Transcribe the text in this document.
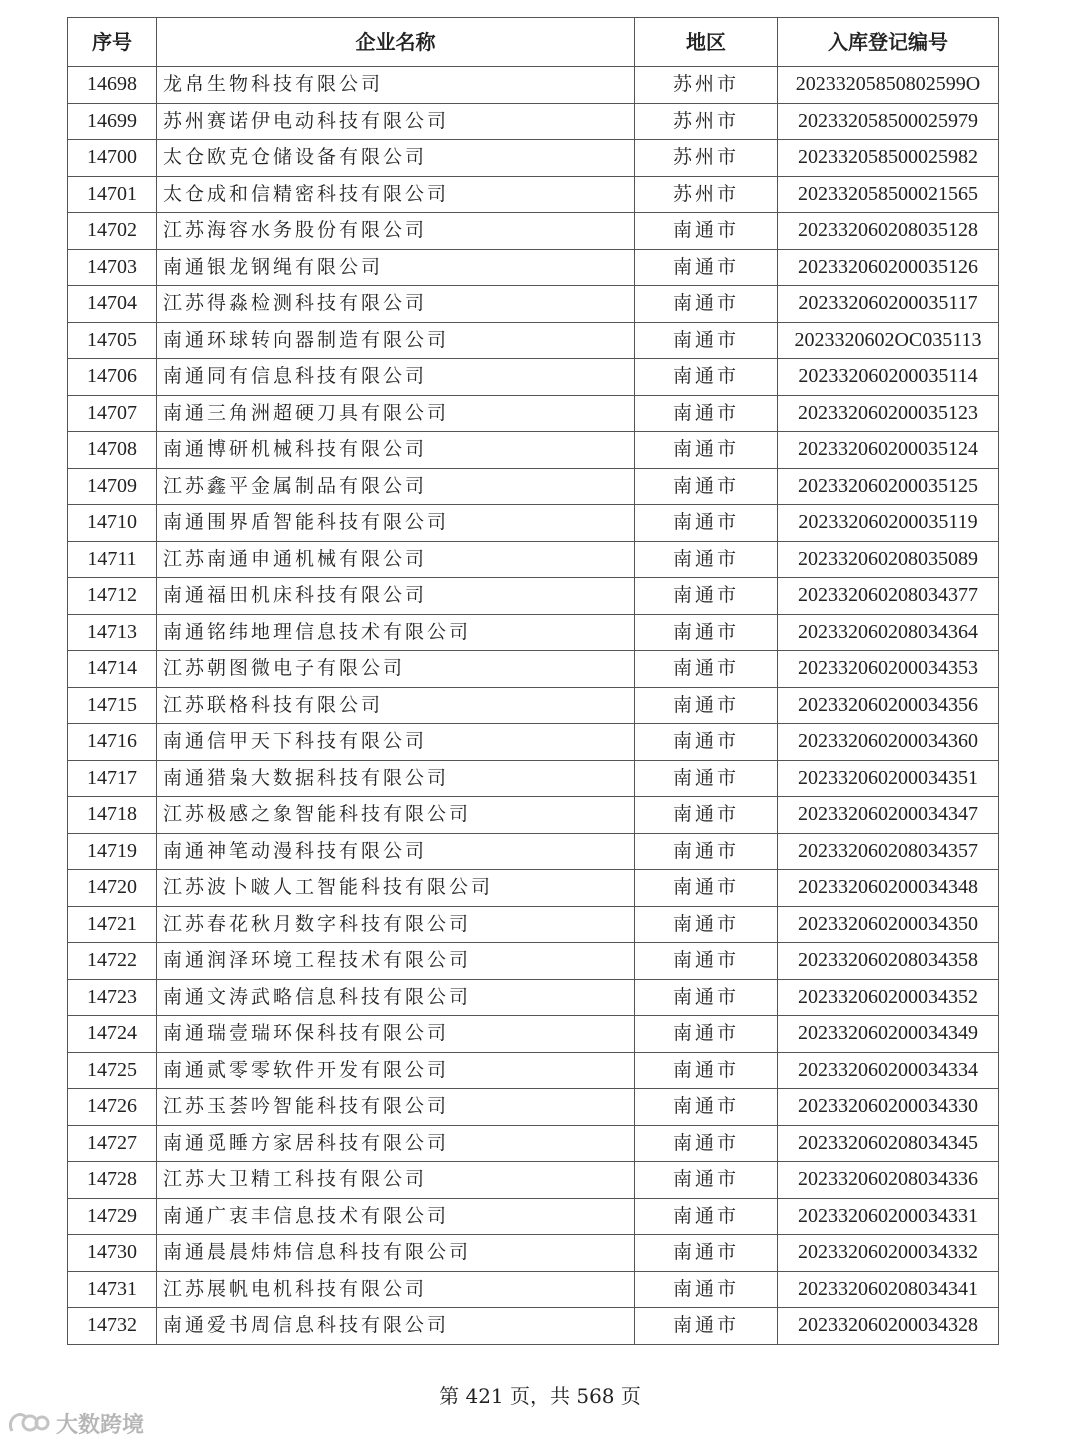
序号	企业名称	地区	入库登记编号
14698	龙帛生物科技有限公司	苏州市	20233205850802599O
14699	苏州赛诺伊电动科技有限公司	苏州市	202332058500025979
14700	太仓欧克仓储设备有限公司	苏州市	202332058500025982
14701	太仓成和信精密科技有限公司	苏州市	202332058500021565
14702	江苏海容水务股份有限公司	南通市	202332060208035128
14703	南通银龙钢绳有限公司	南通市	202332060200035126
14704	江苏得淼检测科技有限公司	南通市	202332060200035117
14705	南通环球转向器制造有限公司	南通市	2023320602OC035113
14706	南通同有信息科技有限公司	南通市	202332060200035114
14707	南通三角洲超硬刀具有限公司	南通市	202332060200035123
14708	南通博研机械科技有限公司	南通市	202332060200035124
14709	江苏鑫平金属制品有限公司	南通市	202332060200035125
14710	南通围界盾智能科技有限公司	南通市	202332060200035119
14711	江苏南通申通机械有限公司	南通市	202332060208035089
14712	南通福田机床科技有限公司	南通市	202332060208034377
14713	南通铭纬地理信息技术有限公司	南通市	202332060208034364
14714	江苏朝图微电子有限公司	南通市	202332060200034353
14715	江苏联格科技有限公司	南通市	202332060200034356
14716	南通信甲天下科技有限公司	南通市	202332060200034360
14717	南通猎枭大数据科技有限公司	南通市	202332060200034351
14718	江苏极感之象智能科技有限公司	南通市	202332060200034347
14719	南通神笔动漫科技有限公司	南通市	202332060208034357
14720	江苏波卜啵人工智能科技有限公司	南通市	202332060200034348
14721	江苏春花秋月数字科技有限公司	南通市	202332060200034350
14722	南通润泽环境工程技术有限公司	南通市	202332060208034358
14723	南通文涛武略信息科技有限公司	南通市	202332060200034352
14724	南通瑞壹瑞环保科技有限公司	南通市	202332060200034349
14725	南通贰零零软件开发有限公司	南通市	202332060200034334
14726	江苏玉荟吟智能科技有限公司	南通市	202332060200034330
14727	南通觅睡方家居科技有限公司	南通市	202332060208034345
14728	江苏大卫精工科技有限公司	南通市	202332060208034336
14729	南通广衷丰信息技术有限公司	南通市	202332060200034331
14730	南通晨晨炜炜信息科技有限公司	南通市	202332060200034332
14731	江苏展帆电机科技有限公司	南通市	202332060208034341
14732	南通爱书周信息科技有限公司	南通市	202332060200034328
第 421 页，共 568 页
大数跨境
